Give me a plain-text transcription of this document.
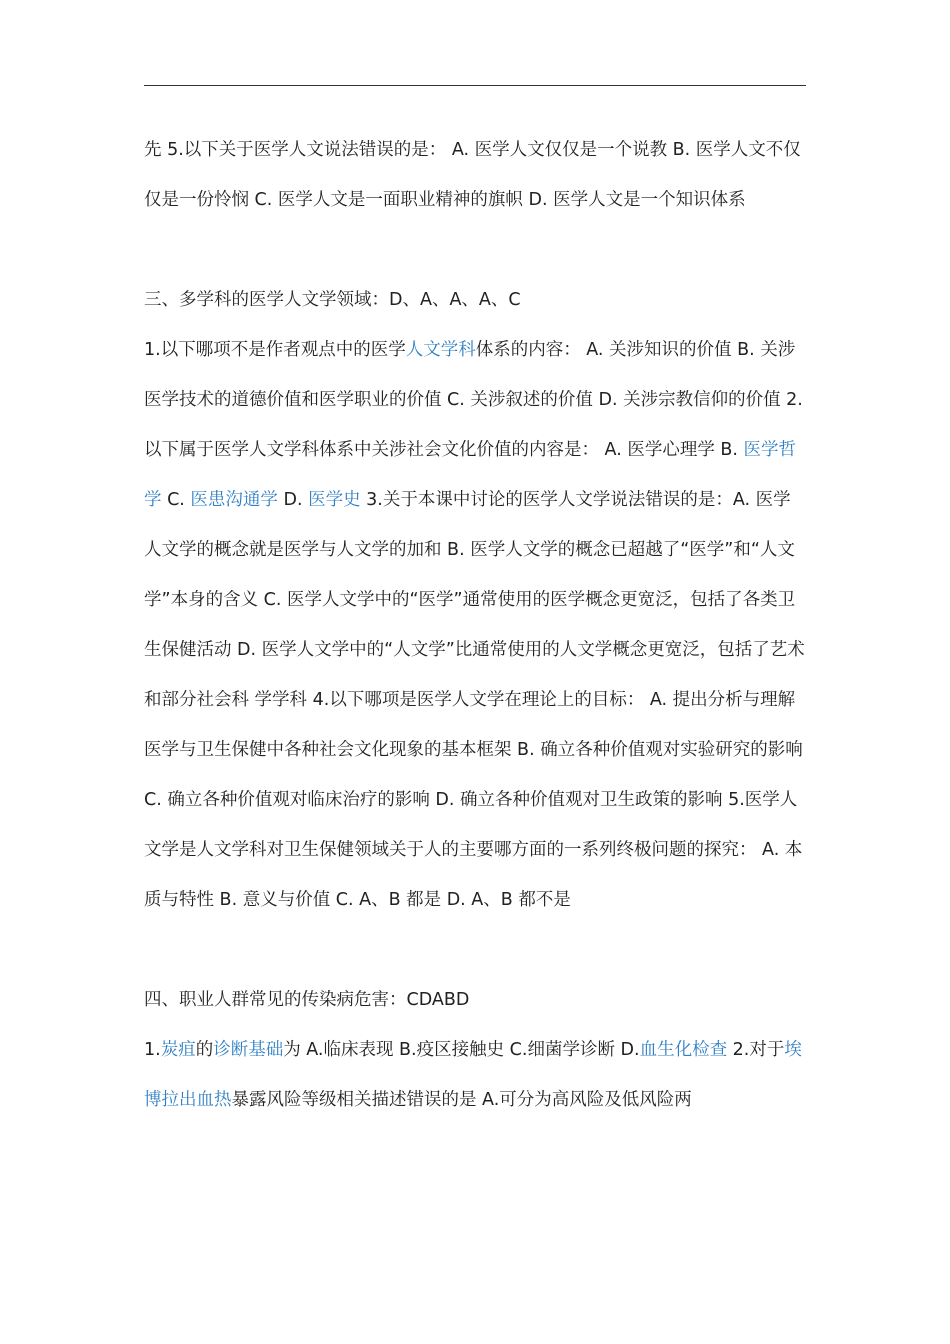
先 5.以下关于医学人文说法错误的是： A. 医学人文仅仅是一个说教 B. 医学人文不仅仅是一份怜悯 C. 医学人文是一面职业精神的旗帜 D. 医学人文是一个知识体系

三、多学科的医学人文学领域：D、A、A、A、C

1.以下哪项不是作者观点中的医学人文学科体系的内容： A. 关涉知识的价值 B. 关涉医学技术的道德价值和医学职业的价值 C. 关涉叙述的价值 D. 关涉宗教信仰的价值 2.以下属于医学人文学科体系中关涉社会文化价值的内容是： A. 医学心理学 B. 医学哲学 C. 医患沟通学 D. 医学史 3.关于本课中讨论的医学人文学说法错误的是：A. 医学人文学的概念就是医学与人文学的加和 B. 医学人文学的概念已超越了“医学”和“人文学”本身的含义 C. 医学人文学中的“医学”通常使用的医学概念更宽泛，包括了各类卫生保健活动 D. 医学人文学中的“人文学”比通常使用的人文学概念更宽泛，包括了艺术和部分社会科 学学科 4.以下哪项是医学人文学在理论上的目标： A. 提出分析与理解医学与卫生保健中各种社会文化现象的基本框架 B. 确立各种价值观对实验研究的影响 C. 确立各种价值观对临床治疗的影响 D. 确立各种价值观对卫生政策的影响 5.医学人文学是人文学科对卫生保健领域关于人的主要哪方面的一系列终极问题的探究： A. 本质与特性 B. 意义与价值 C. A、B 都是 D. A、B 都不是

四、职业人群常见的传染病危害：CDABD

1.炭疽的诊断基础为 A.临床表现 B.疫区接触史 C.细菌学诊断 D.血生化检查 2.对于埃博拉出血热暴露风险等级相关描述错误的是 A.可分为高风险及低风险两
